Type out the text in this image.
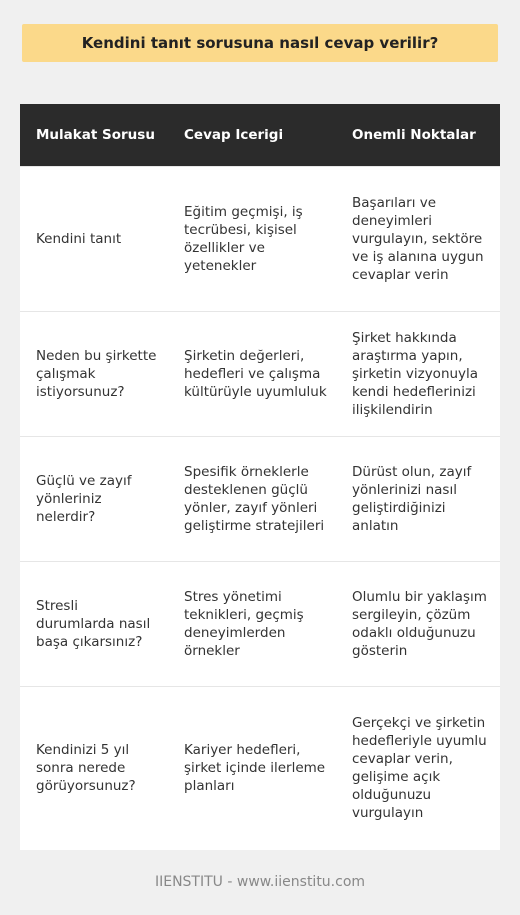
Kendini tanıt sorusuna nasıl cevap verilir?
Mulakat Sorusu	Cevap Icerigi	Onemli Noktalar
Kendini tanıt	Eğitim geçmişi, iş tecrübesi, kişisel özellikler ve yetenekler	Başarıları ve deneyimleri vurgulayın, sektöre ve iş alanına uygun cevaplar verin
Neden bu şirkette çalışmak istiyorsunuz?	Şirketin değerleri, hedefleri ve çalışma kültürüyle uyumluluk	Şirket hakkında araştırma yapın, şirketin vizyonuyla kendi hedeflerinizi ilişkilendirin
Güçlü ve zayıf yönleriniz nelerdir?	Spesifik örneklerle desteklenen güçlü yönler, zayıf yönleri geliştirme stratejileri	Dürüst olun, zayıf yönlerinizi nasıl geliştirdiğinizi anlatın
Stresli durumlarda nasıl başa çıkarsınız?	Stres yönetimi teknikleri, geçmiş deneyimlerden örnekler	Olumlu bir yaklaşım sergileyin, çözüm odaklı olduğunuzu gösterin
Kendinizi 5 yıl sonra nerede görüyorsunuz?	Kariyer hedefleri, şirket içinde ilerleme planları	Gerçekçi ve şirketin hedefleriyle uyumlu cevaplar verin, gelişime açık olduğunuzu vurgulayın
IIENSTITU - www.iienstitu.com
